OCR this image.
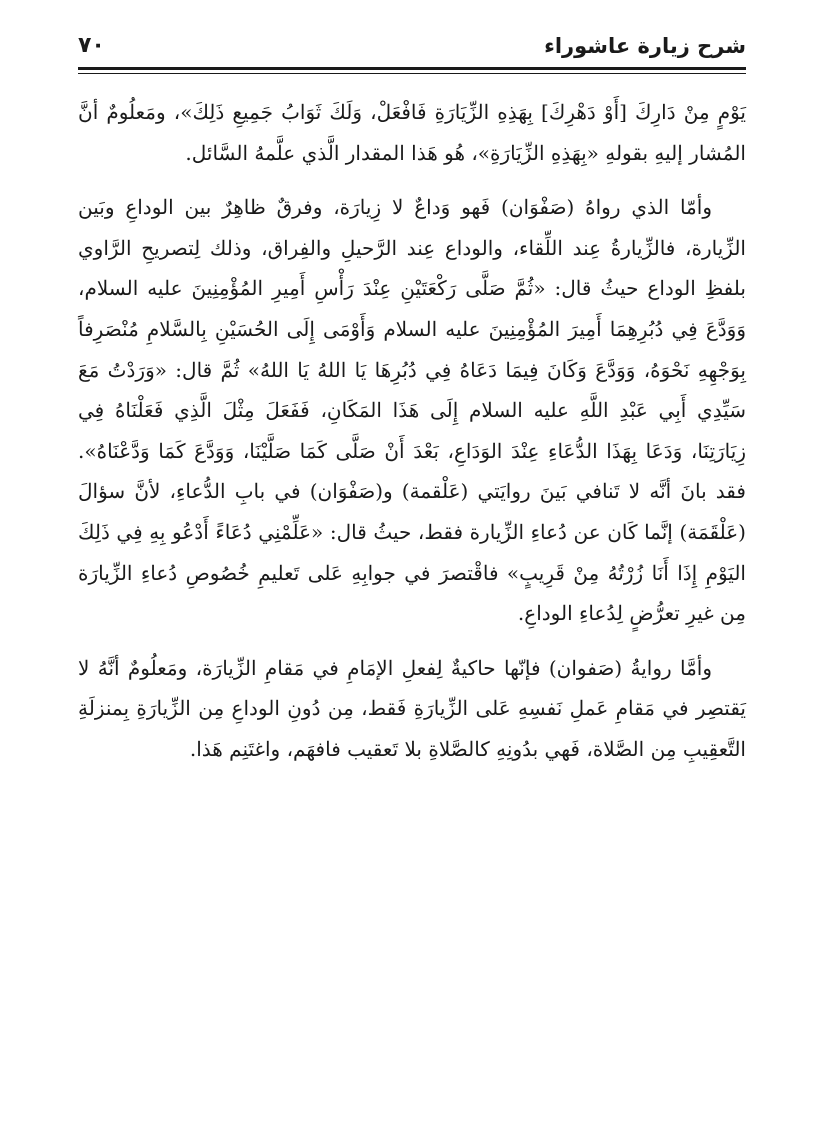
شرح زيارة عاشوراء
٧٠

يَوْمٍ مِنْ دَارِكَ [أَوْ دَهْرِكَ] بِهَذِهِ الزِّيَارَةِ فَافْعَلْ، وَلَكَ ثَوَابُ جَمِيعِ ذَلِكَ»، ومَعلُومٌ أنَّ المُشار إليهِ بقولهِ «بِهَذِهِ الزِّيَارَةِ»، هُو هَذا المقدار الَّذي علَّمهُ السَّائل.

وأمّا الذي رواهُ (صَفْوَان) فَهو وَداعٌ لا زِيارَة، وفرقٌ ظاهِرٌ بين الوداعِ وبَين الزِّيارة، فالزِّيارةُ عِند اللِّقاء، والوداع عِند الرَّحيلِ والفِراق، وذلك لِتصريحِ الرَّاوي بلفظِ الوداع حيثُ قال: «ثُمَّ صَلَّى رَكْعَتَيْنِ عِنْدَ رَأْسِ أَمِيرِ المُؤْمِنِينَ عليه السلام، وَوَدَّعَ فِي دُبُرِهِمَا أَمِيرَ المُؤْمِنِينَ عليه السلام وَأَوْمَى إِلَى الحُسَيْنِ بِالسَّلامِ مُنْصَرِفاً بِوَجْهِهِ نَحْوَهُ، وَوَدَّعَ وَكَانَ فِيمَا دَعَاهُ فِي دُبُرِهَا يَا اللهُ يَا اللهُ» ثُمَّ قال: «وَرَدْتُ مَعَ سَيِّدِي أَبِي عَبْدِ اللَّهِ عليه السلام إِلَى هَذَا المَكَانِ، فَفَعَلَ مِثْلَ الَّذِي فَعَلْنَاهُ فِي زِيَارَتِنَا، وَدَعَا بِهَذَا الدُّعَاءِ عِنْدَ الوَدَاعِ، بَعْدَ أَنْ صَلَّى كَمَا صَلَّيْنَا، وَوَدَّعَ كَمَا وَدَّعْنَاهُ». فقد بانَ أنَّه لا تَنافي بَينَ روايَتي (عَلْقمة) و(صَفْوَان) في بابِ الدُّعاءِ، لأنَّ سؤالَ (عَلْقَمَة) إنَّما كَان عن دُعاءِ الزِّيارة فقط، حيثُ قال: «عَلِّمْنِي دُعَاءً أَدْعُو بِهِ فِي ذَلِكَ اليَوْمِ إِذَا أَنَا زُرْتُهُ مِنْ قَرِيبٍ» فاقْتصرَ في جوابِهِ عَلى تَعليمِ خُصُوصِ دُعاءِ الزِّيارَة مِن غيرِ تعرُّضٍ لِدُعاءِ الوداعِ.

وأمَّا روايةُ (صَفوان) فإنّها حاكيةٌ لِفعلِ الإمَامِ في مَقامِ الزِّيارَة، ومَعلُومٌ أنَّهُ لا يَقتصِر في مَقامِ عَملِ نَفسِهِ عَلى الزِّيارَةِ فَقط، مِن دُونِ الوداعِ مِن الزِّيارَةِ بِمنزلَةِ التَّعقِيبِ مِن الصَّلاة، فَهي بدُونِهِ كالصَّلاةِ بلا تَعقيب فافهَم، واغتَنِم هَذا.
